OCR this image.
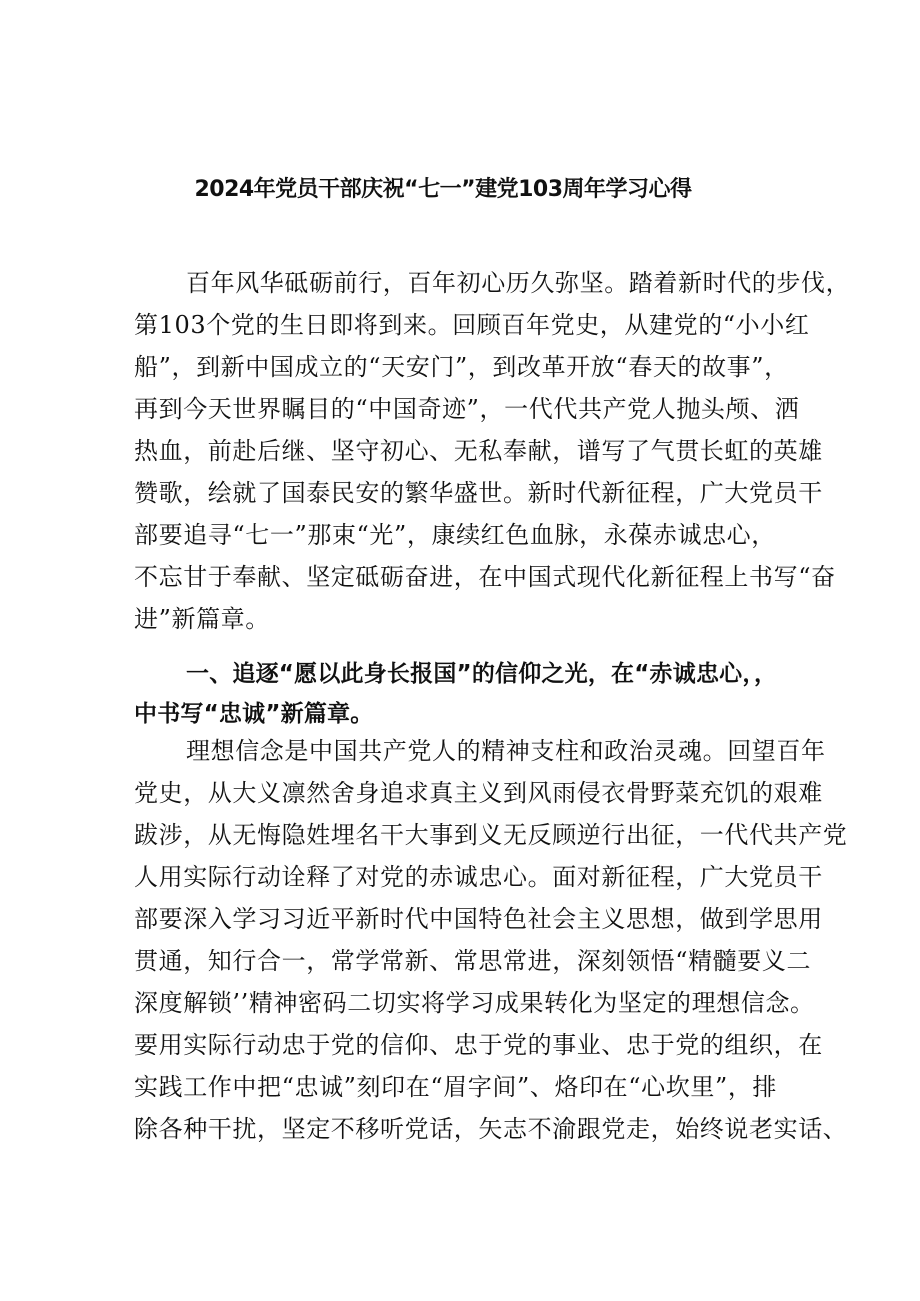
2024年党员干部庆祝“七一”建党103周年学习心得
百年风华砥砺前行，百年初心历久弥坚。踏着新时代的步伐，
第103个党的生日即将到来。回顾百年党史，从建党的“小小红
船”，到新中国成立的“天安门”，到改革开放“春天的故事”，
再到今天世界瞩目的“中国奇迹”，一代代共产党人抛头颅、洒
热血，前赴后继、坚守初心、无私奉献，谱写了气贯长虹的英雄
赞歌，绘就了国泰民安的繁华盛世。新时代新征程，广大党员干
部要追寻“七一”那束“光”，康续红色血脉，永葆赤诚忠心，
不忘甘于奉献、坚定砥砺奋进，在中国式现代化新征程上书写“奋
进”新篇章。
一、追逐“愿以此身长报国”的信仰之光，在“赤诚忠心，，
中书写“忠诚”新篇章。
理想信念是中国共产党人的精神支柱和政治灵魂。回望百年
党史，从大义凛然舍身追求真主义到风雨侵衣骨野菜充饥的艰难
跋涉，从无悔隐姓埋名干大事到义无反顾逆行出征，一代代共产党
人用实际行动诠释了对党的赤诚忠心。面对新征程，广大党员干
部要深入学习习近平新时代中国特色社会主义思想，做到学思用
贯通，知行合一，常学常新、常思常进，深刻领悟“精髓要义二
深度解锁’’精神密码二切实将学习成果转化为坚定的理想信念。
要用实际行动忠于党的信仰、忠于党的事业、忠于党的组织，在
实践工作中把“忠诚”刻印在“眉字间”、烙印在“心坎里”，排
除各种干扰，坚定不移听党话，矢志不渝跟党走，始终说老实话、
